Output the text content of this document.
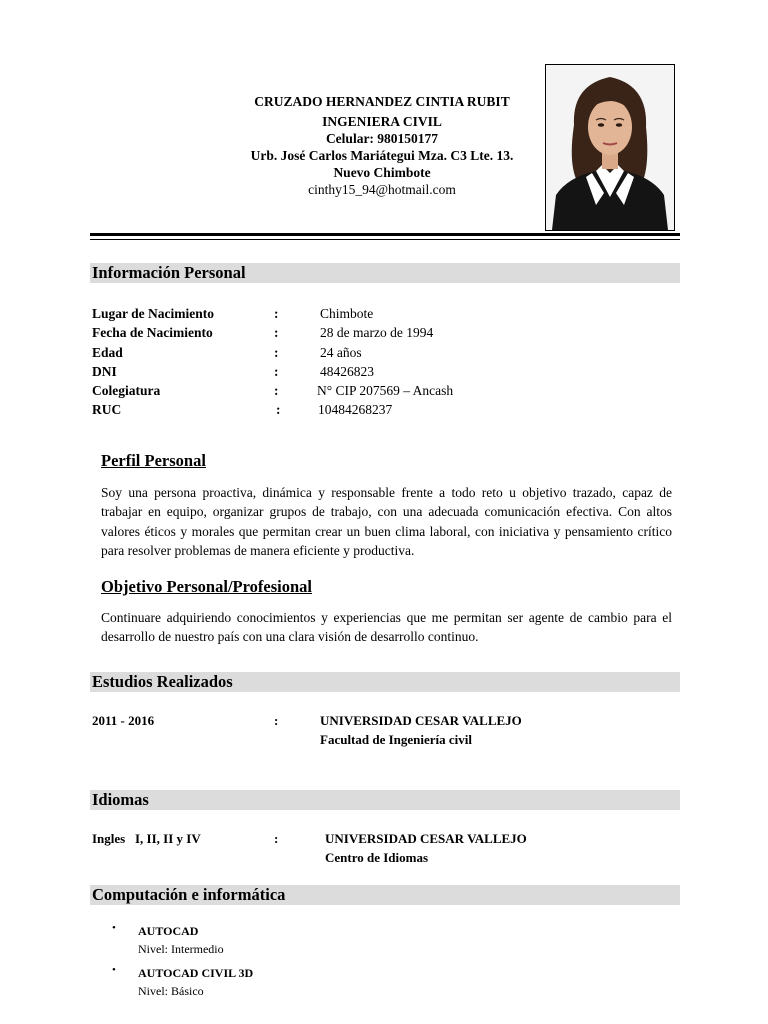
CRUZADO HERNANDEZ CINTIA RUBIT
INGENIERA CIVIL
Celular: 980150177
Urb. José Carlos Mariátegui Mza. C3 Lte. 13.
Nuevo Chimbote
cinthy15_94@hotmail.com
Información Personal
Lugar de Nacimiento	:	Chimbote
Fecha de Nacimiento	:	28 de marzo de 1994
Edad	:	24 años
DNI	:	48426823
Colegiatura	:	N° CIP 207569 – Ancash
RUC	:	10484268237
Perfil Personal
Soy una persona proactiva, dinámica y responsable frente a todo reto u objetivo trazado, capaz de trabajar en equipo, organizar grupos de trabajo, con una adecuada comunicación efectiva. Con altos valores éticos y morales que permitan crear un buen clima laboral, con iniciativa y pensamiento crítico para resolver problemas de manera eficiente y productiva.
Objetivo Personal/Profesional
Continuare adquiriendo conocimientos y experiencias que me permitan ser agente de cambio para el desarrollo de nuestro país con una clara visión de desarrollo continuo.
Estudios Realizados
2011 - 2016	:	UNIVERSIDAD CESAR VALLEJO
Facultad de Ingeniería civil
Idiomas
Ingles   I, II, II y IV	:	UNIVERSIDAD CESAR VALLEJO
Centro de Idiomas
Computación e informática
• AUTOCAD
Nivel: Intermedio
• AUTOCAD CIVIL 3D
Nivel: Básico
